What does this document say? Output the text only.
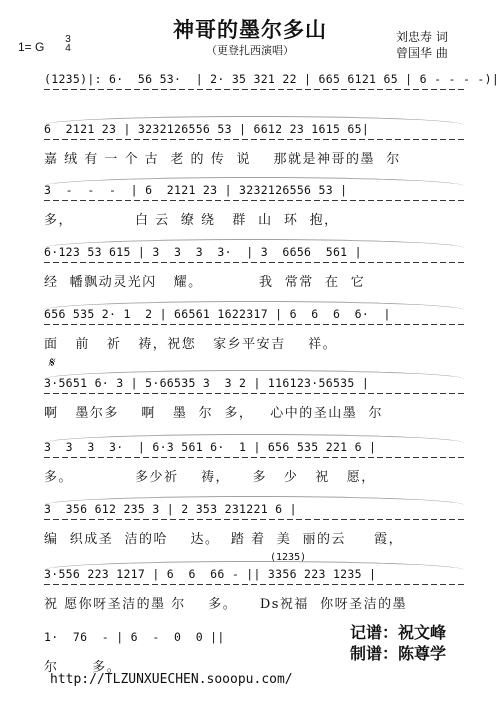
神哥的墨尔多山
（更登扎西演唱）
刘忠寿 词
曾国华 曲
1= G
3
4
𝄋
(1235)|: 6·  56 53·  | 2· 35 321 22 | 665 6121 65 | 6 - - - -)|
6  2121 23 | 3232126556 53 | 6612 23 1615 65|
嘉 绒 有 一 个 古  老 的 传  说    那就是神哥的墨  尔
3  -  -  -  | 6  2121 23 | 3232126556 53 |
多，           白 云  缭 绕   群  山  环  抱，
6·123 53 615 | 3  3  3  3·  | 3  6656  561 |
经  幡飘动灵光闪   耀。          我  常常  在  它
656 535 2· 1  2 | 66561 1622317 | 6  6  6  6·  |
面   前   祈   祷，祝您   家乡平安吉    祥。
3·5651 6· 3 | 5·66535 3  3 2 | 116123·56535 |
啊   墨尔多    啊   墨  尔  多，   心中的圣山墨  尔
3  3  3  3·  | 6·3 561 6·  1 | 656 535 221 6 |
多。           多少祈    祷，    多   少   祝   愿，
3  356 612 235 3 | 2 353 231221 6 |
编  织成圣  洁的哈    达。  踏 着  美  丽的云     霞，
(1235)
3·556 223 1217 | 6  6  66 - || 3356 223 1235 |
祝 愿你呀圣洁的墨 尔    多。    Ds祝福  你呀圣洁的墨
1·  76  - | 6  -  0  0 ||
尔      多。
记谱：祝文峰
制谱：陈尊学
http://TLZUNXUECHEN.sooopu.com/
